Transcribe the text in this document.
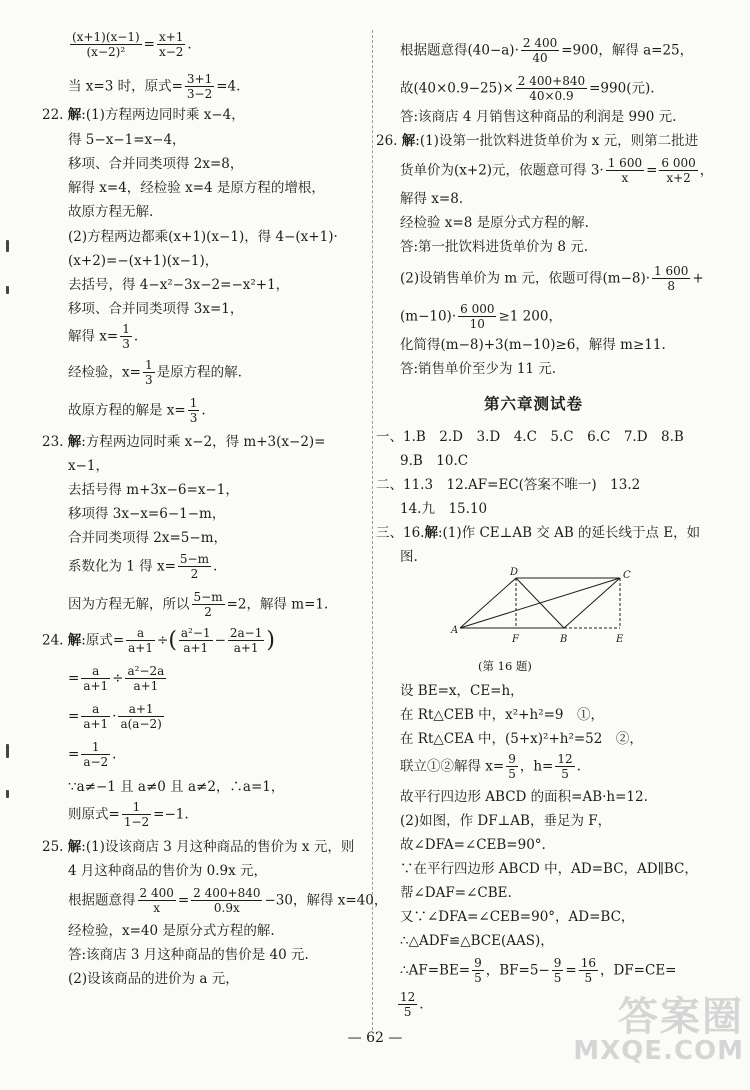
$\frac{(x+1)(x-1)}{\text{(x−2)²}} = \frac{x+1}{x-2}$ .
当 x=3 时，原式= $\frac{3+1}{3-2} =4$.
22. 解:(1)方程两边同时乘 x−4，
得 5−x−1=x−4，
移项、合并同类项得 2x=8，
解得 x=4，经检验 x=4 是原方程的增根，
故原方程无解.
(2)方程两边都乘(x+1)(x−1)，得 4−(x+1)·
(x+2)=−(x+1)(x−1)，
去括号，得 4−x²−3x−2=−x²+1，
移项、合并同类项得 3x=1，
解得 $x= \frac{1}{3}$ .
经检验，$x= \frac{1}{3}$ 是原方程的解.
故原方程的解是 $x= \frac{1}{3}$ .
23. 解:方程两边同时乘 x−2，得 m+3(x−2)=
x−1，
去括号得 m+3x−6=x−1，
移项得 3x−x=6−1−m，
合并同类项得 2x=5−m，
系数化为 1 得 $x= \frac{5-m}{2}$ .
因为方程无解，所以 $\frac{5-m}{2} =2$，解得 m=1.
24. 解:原式= $\frac{a}{a+1}$ ÷( $\frac{\text{a²−1}}{a+1} - \frac{2a-1}{a+1}$ )
= $\frac{a}{a+1} \div \frac{\text{a²−2a}}{a+1}$
= $\frac{a}{a+1} \cdot \frac{a+1}{a(a-2)}$
= $\frac{1}{a-2}$ .
∵a≠−1 且 a≠0 且 a≠2，∴a=1，
则原式= $\frac{1}{1-2} =-1$.
25. 解:(1)设该商店 3 月这种商品的售价为 x 元，则
4 月这种商品的售价为 0.9x 元，
根据题意得 $\frac{2 400}{x} = \frac{2 400+840}{0.9x} -30$，解得 x=40，
经检验，x=40 是原分式方程的解.
答:该商店 3 月这种商品的售价是 40 元.
(2)设该商品的进价为 a 元，
根据题意得$(40-a)\cdot \frac{2 400}{40} =900$，解得 a=25，
故$(40\times 0.9-25)\times \frac{2 400+840}{40\times 0.9} =990$(元).
答:该商店 4 月销售这种商品的利润是 990 元.
26. 解:(1)设第一批饮料进货单价为 x 元，则第二批进
货单价为(x+2)元，依题意可得 $3\cdot \frac{1 600}{x} = \frac{6 000}{x+2}$ ，
解得 x=8.
经检验 x=8 是原分式方程的解.
答:第一批饮料进货单价为 8 元.
(2)设销售单价为 m 元，依题可得$(m-8)\cdot \frac{1 600}{8}$ +
$(m-10)\cdot \frac{6 000}{10} \ge 1$ 200，
化简得(m−8)+3(m−10)≥6，解得 m≥11.
答:销售单价至少为 11 元.
第六章测试卷
一、1.B　2.D　3.D　4.C　5.C　6.C　7.D　8.B
9.B　10.C
二、11.3　12.AF=EC(答案不唯一)　13.2
14.九　15.10
三、16.解:(1)作 CE⊥AB 交 AB 的延长线于点 E，如
图.
(第 16 题)
设 BE=x，CE=h，
在 Rt△CEB 中，x²+h²=9　①，
在 Rt△CEA 中，(5+x)²+h²=52　②，
联立①②解得 $x= \frac{9}{5}$ ，$h= \frac{12}{5}$ .
故平行四边形 ABCD 的面积=AB·h=12.
(2)如图，作 DF⊥AB，垂足为 F，
故∠DFA=∠CEB=90°.
∵在平行四边形 ABCD 中，AD=BC，AD∥BC，
帮∠DAF=∠CBE.
又∵∠DFA=∠CEB=90°，AD=BC，
∴△ADF≌△BCE(AAS)，
∴AF=BE= $\frac{9}{5}$ ，$BF=5- \frac{9}{5} = \frac{16}{5}$ ，DF=CE=
$\frac{12}{5}$ .
A
B
C
D
E
F
— 62 —	答案圈
MXQE.COM
